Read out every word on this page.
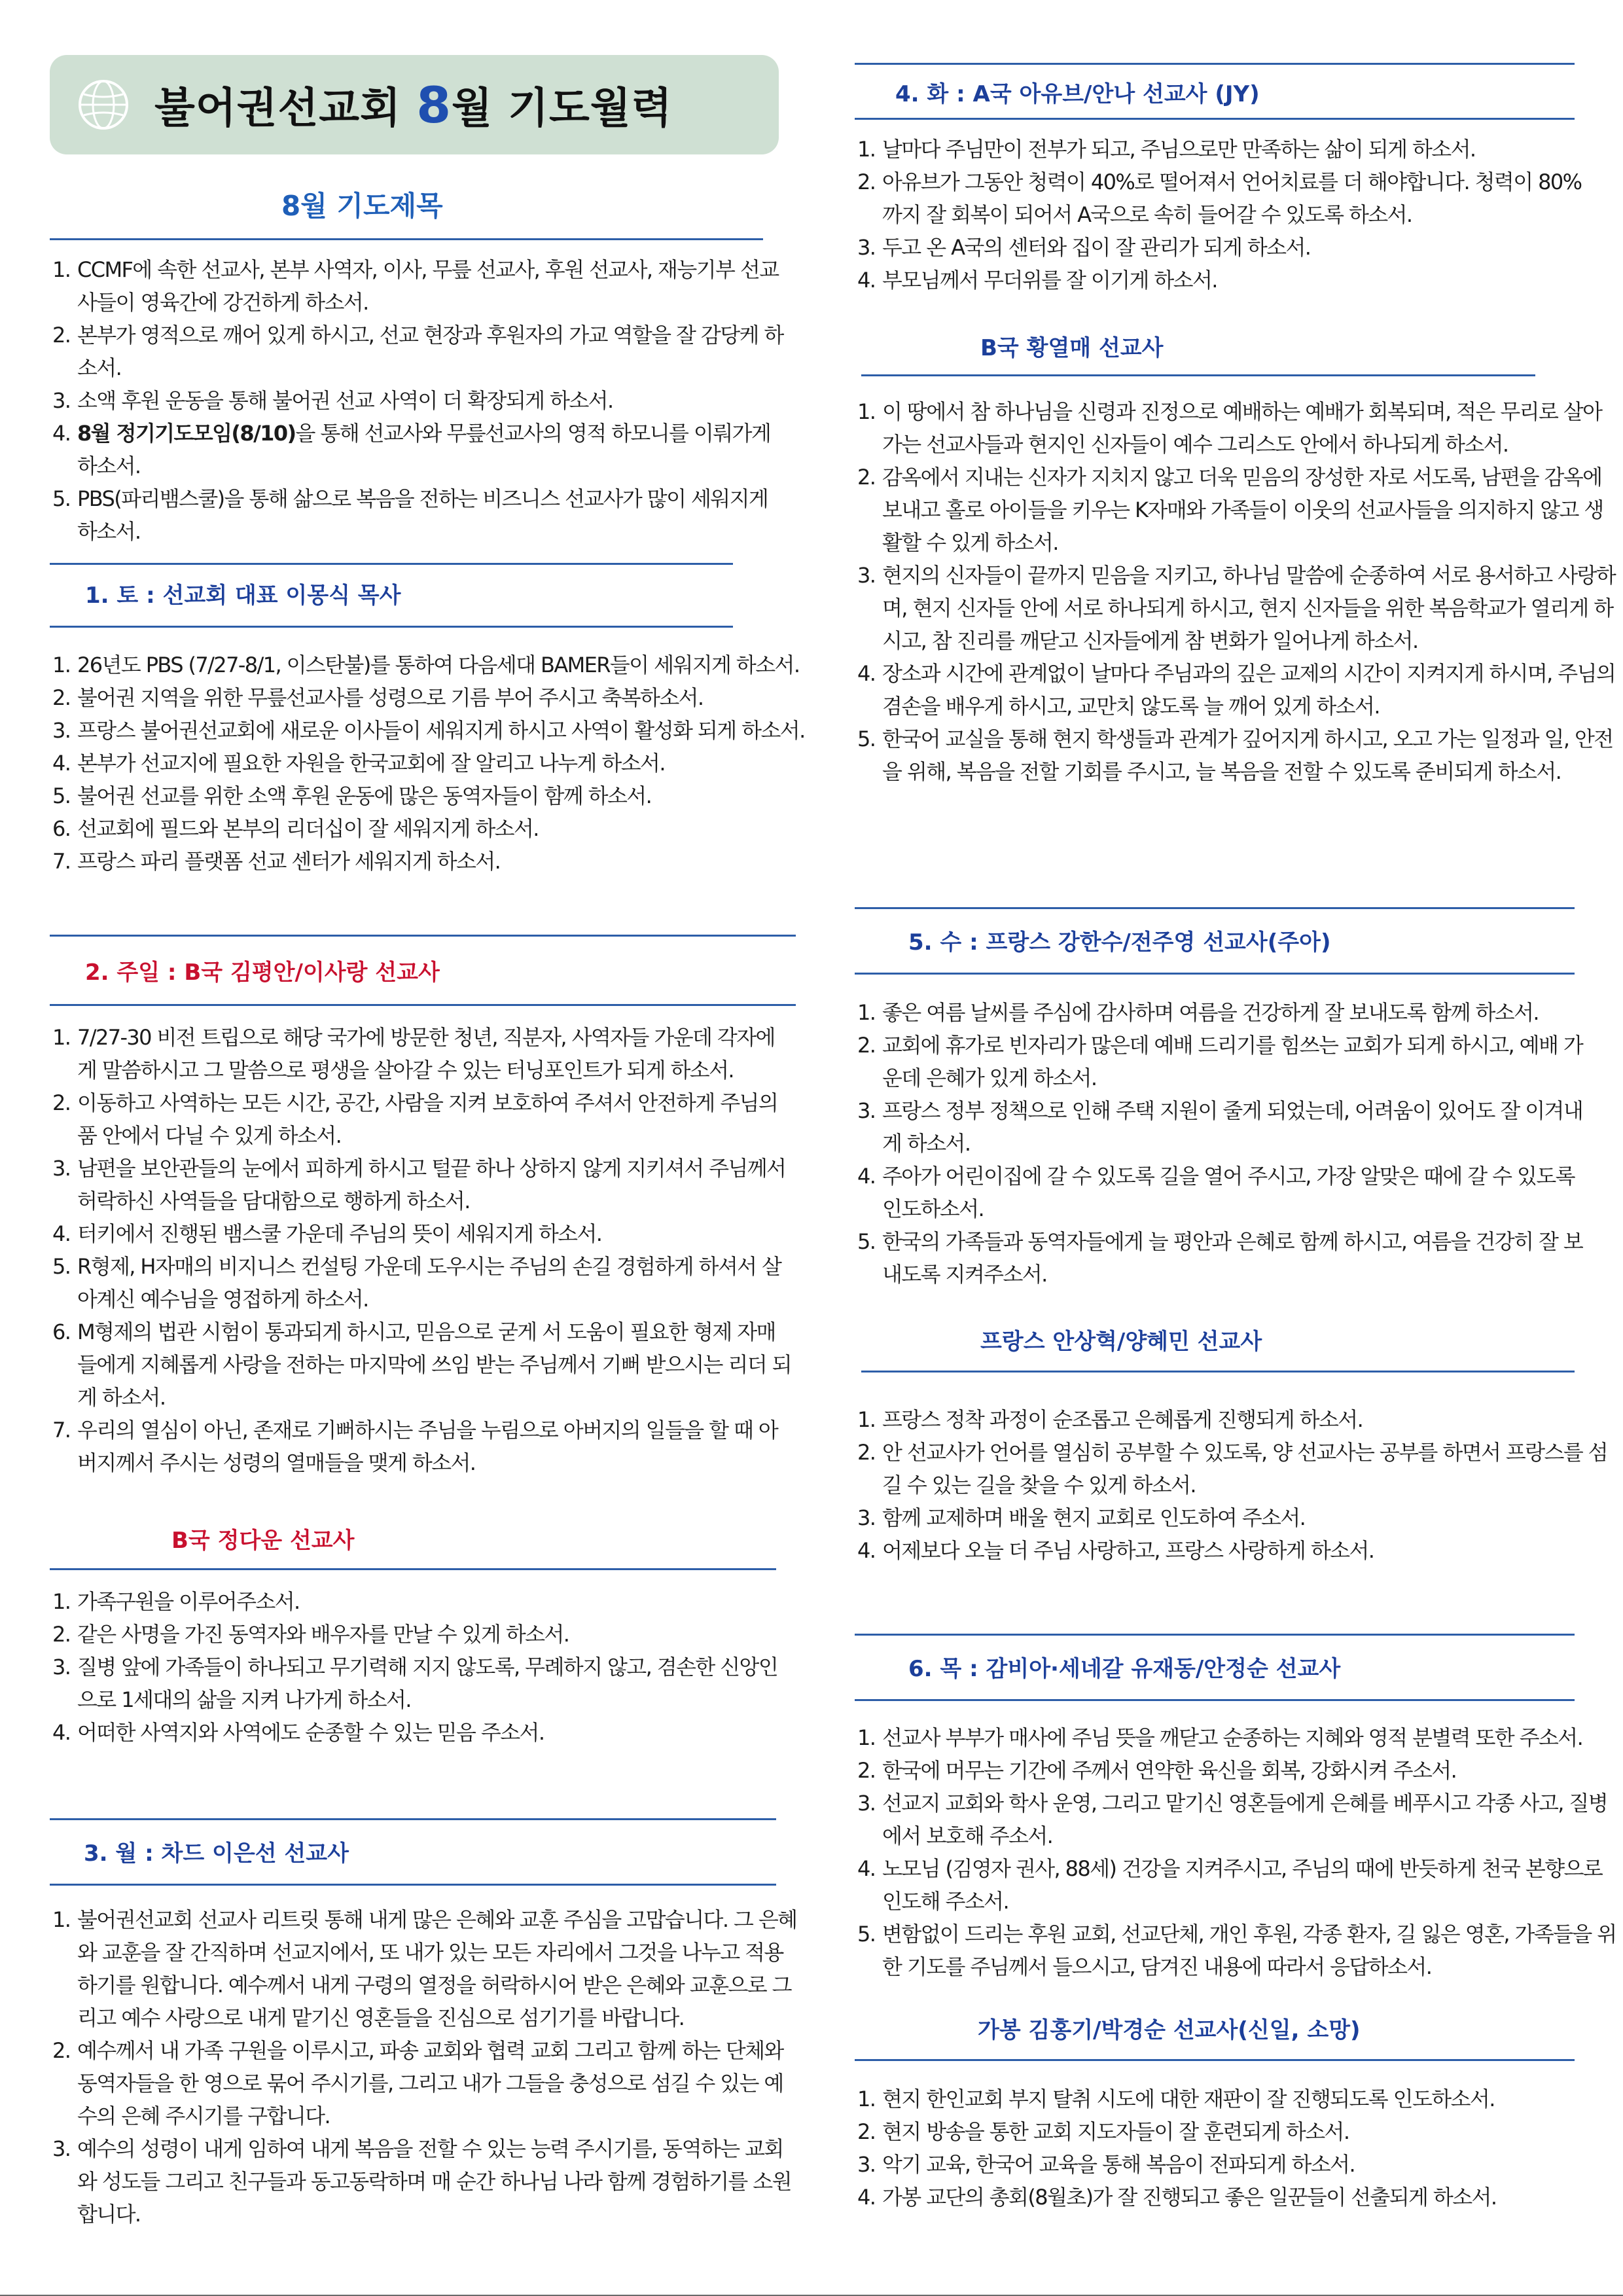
불어권선교회 8월 기도월력
8월 기도제목
1. CCMF에 속한 선교사, 본부 사역자, 이사, 무릎 선교사, 후원 선교사, 재능기부 선교사들이 영육간에 강건하게 하소서.
2. 본부가 영적으로 깨어 있게 하시고, 선교 현장과 후원자의 가교 역할을 잘 감당케 하소서.
3. 소액 후원 운동을 통해 불어권 선교 사역이 더 확장되게 하소서.
4. 8월 정기기도모임(8/10)을 통해 선교사와 무릎선교사의 영적 하모니를 이뤄가게 하소서.
5. PBS(파리뱀스쿨)을 통해 삶으로 복음을 전하는 비즈니스 선교사가 많이 세워지게 하소서.
1. 토 : 선교회 대표 이몽식 목사
1. 26년도 PBS (7/27-8/1, 이스탄불)를 통하여 다음세대 BAMER들이 세워지게 하소서.
2. 불어권 지역을 위한 무릎선교사를 성령으로 기름 부어 주시고 축복하소서.
3. 프랑스 불어권선교회에 새로운 이사들이 세워지게 하시고 사역이 활성화 되게 하소서.
4. 본부가 선교지에 필요한 자원을 한국교회에 잘 알리고 나누게 하소서.
5. 불어권 선교를 위한 소액 후원 운동에 많은 동역자들이 함께 하소서.
6. 선교회에 필드와 본부의 리더십이 잘 세워지게 하소서.
7. 프랑스 파리 플랫폼 선교 센터가 세워지게 하소서.
2. 주일 : B국 김평안/이사랑 선교사
1. 7/27-30 비전 트립으로 해당 국가에 방문한 청년, 직분자, 사역자들 가운데 각자에게 말씀하시고 그 말씀으로 평생을 살아갈 수 있는 터닝포인트가 되게 하소서.
2. 이동하고 사역하는 모든 시간, 공간, 사람을 지켜 보호하여 주셔서 안전하게 주님의 품 안에서 다닐 수 있게 하소서.
3. 남편을 보안관들의 눈에서 피하게 하시고 털끝 하나 상하지 않게 지키셔서 주님께서 허락하신 사역들을 담대함으로 행하게 하소서.
4. 터키에서 진행된 뱀스쿨 가운데 주님의 뜻이 세워지게 하소서.
5. R형제, H자매의 비지니스 컨설팅 가운데 도우시는 주님의 손길 경험하게 하셔서 살아계신 예수님을 영접하게 하소서.
6. M형제의 법관 시험이 통과되게 하시고, 믿음으로 굳게 서 도움이 필요한 형제 자매들에게 지혜롭게 사랑을 전하는 마지막에 쓰임 받는 주님께서 기뻐 받으시는 리더 되게 하소서.
7. 우리의 열심이 아닌, 존재로 기뻐하시는 주님을 누림으로 아버지의 일들을 할 때 아버지께서 주시는 성령의 열매들을 맺게 하소서.
B국 정다운 선교사
1. 가족구원을 이루어주소서.
2. 같은 사명을 가진 동역자와 배우자를 만날 수 있게 하소서.
3. 질병 앞에 가족들이 하나되고 무기력해 지지 않도록, 무례하지 않고, 겸손한 신앙인으로 1세대의 삶을 지켜 나가게 하소서.
4. 어떠한 사역지와 사역에도 순종할 수 있는 믿음 주소서.
3. 월 : 차드 이은선 선교사
1. 불어권선교회 선교사 리트릿 통해 내게 많은 은혜와 교훈 주심을 고맙습니다. 그 은혜와 교훈을 잘 간직하며 선교지에서, 또 내가 있는 모든 자리에서 그것을 나누고 적용하기를 원합니다. 예수께서 내게 구령의 열정을 허락하시어 받은 은혜와 교훈으로 그리고 예수 사랑으로 내게 맡기신 영혼들을 진심으로 섬기기를 바랍니다.
2. 예수께서 내 가족 구원을 이루시고, 파송 교회와 협력 교회 그리고 함께 하는 단체와 동역자들을 한 영으로 묶어 주시기를, 그리고 내가 그들을 충성으로 섬길 수 있는 예수의 은혜 주시기를 구합니다.
3. 예수의 성령이 내게 임하여 내게 복음을 전할 수 있는 능력 주시기를, 동역하는 교회와 성도들 그리고 친구들과 동고동락하며 매 순간 하나님 나라 함께 경험하기를 소원합니다.
4. 화 : A국 아유브/안나 선교사 (JY)
1. 날마다 주님만이 전부가 되고, 주님으로만 만족하는 삶이 되게 하소서.
2. 아유브가 그동안 청력이 40%로 떨어져서 언어치료를 더 해야합니다. 청력이 80%까지 잘 회복이 되어서 A국으로 속히 들어갈 수 있도록 하소서.
3. 두고 온 A국의 센터와 집이 잘 관리가 되게 하소서.
4. 부모님께서 무더위를 잘 이기게 하소서.
B국 황열매 선교사
1. 이 땅에서 참 하나님을 신령과 진정으로 예배하는 예배가 회복되며, 적은 무리로 살아가는 선교사들과 현지인 신자들이 예수 그리스도 안에서 하나되게 하소서.
2. 감옥에서 지내는 신자가 지치지 않고 더욱 믿음의 장성한 자로 서도록, 남편을 감옥에 보내고 홀로 아이들을 키우는 K자매와 가족들이 이웃의 선교사들을 의지하지 않고 생활할 수 있게 하소서.
3. 현지의 신자들이 끝까지 믿음을 지키고, 하나님 말씀에 순종하여 서로 용서하고 사랑하며, 현지 신자들 안에 서로 하나되게 하시고, 현지 신자들을 위한 복음학교가 열리게 하시고, 참 진리를 깨닫고 신자들에게 참 변화가 일어나게 하소서.
4. 장소과 시간에 관계없이 날마다 주님과의 깊은 교제의 시간이 지켜지게 하시며, 주님의 겸손을 배우게 하시고, 교만치 않도록 늘 깨어 있게 하소서.
5. 한국어 교실을 통해 현지 학생들과 관계가 깊어지게 하시고, 오고 가는 일정과 일, 안전을 위해, 복음을 전할 기회를 주시고, 늘 복음을 전할 수 있도록 준비되게 하소서.
5. 수 : 프랑스 강한수/전주영 선교사(주아)
1. 좋은 여름 날씨를 주심에 감사하며 여름을 건강하게 잘 보내도록 함께 하소서.
2. 교회에 휴가로 빈자리가 많은데 예배 드리기를 힘쓰는 교회가 되게 하시고, 예배 가운데 은혜가 있게 하소서.
3. 프랑스 정부 정책으로 인해 주택 지원이 줄게 되었는데, 어려움이 있어도 잘 이겨내게 하소서.
4. 주아가 어린이집에 갈 수 있도록 길을 열어 주시고, 가장 알맞은 때에 갈 수 있도록 인도하소서.
5. 한국의 가족들과 동역자들에게 늘 평안과 은혜로 함께 하시고, 여름을 건강히 잘 보내도록 지켜주소서.
프랑스 안상혁/양혜민 선교사
1. 프랑스 정착 과정이 순조롭고 은혜롭게 진행되게 하소서.
2. 안 선교사가 언어를 열심히 공부할 수 있도록, 양 선교사는 공부를 하면서 프랑스를 섬길 수 있는 길을 찾을 수 있게 하소서.
3. 함께 교제하며 배울 현지 교회로 인도하여 주소서.
4. 어제보다 오늘 더 주님 사랑하고, 프랑스 사랑하게 하소서.
6. 목 : 감비아·세네갈 유재동/안정순 선교사
1. 선교사 부부가 매사에 주님 뜻을 깨닫고 순종하는 지혜와 영적 분별력 또한 주소서.
2. 한국에 머무는 기간에 주께서 연약한 육신을 회복, 강화시켜 주소서.
3. 선교지 교회와 학사 운영, 그리고 맡기신 영혼들에게 은혜를 베푸시고 각종 사고, 질병에서 보호해 주소서.
4. 노모님 (김영자 권사, 88세) 건강을 지켜주시고, 주님의 때에 반듯하게 천국 본향으로 인도해 주소서.
5. 변함없이 드리는 후원 교회, 선교단체, 개인 후원, 각종 환자, 길 잃은 영혼, 가족들을 위한 기도를 주님께서 들으시고, 담겨진 내용에 따라서 응답하소서.
가봉 김홍기/박경순 선교사(신일, 소망)
1. 현지 한인교회 부지 탈취 시도에 대한 재판이 잘 진행되도록 인도하소서.
2. 현지 방송을 통한 교회 지도자들이 잘 훈련되게 하소서.
3. 악기 교육, 한국어 교육을 통해 복음이 전파되게 하소서.
4. 가봉 교단의 총회(8월초)가 잘 진행되고 좋은 일꾼들이 선출되게 하소서.
